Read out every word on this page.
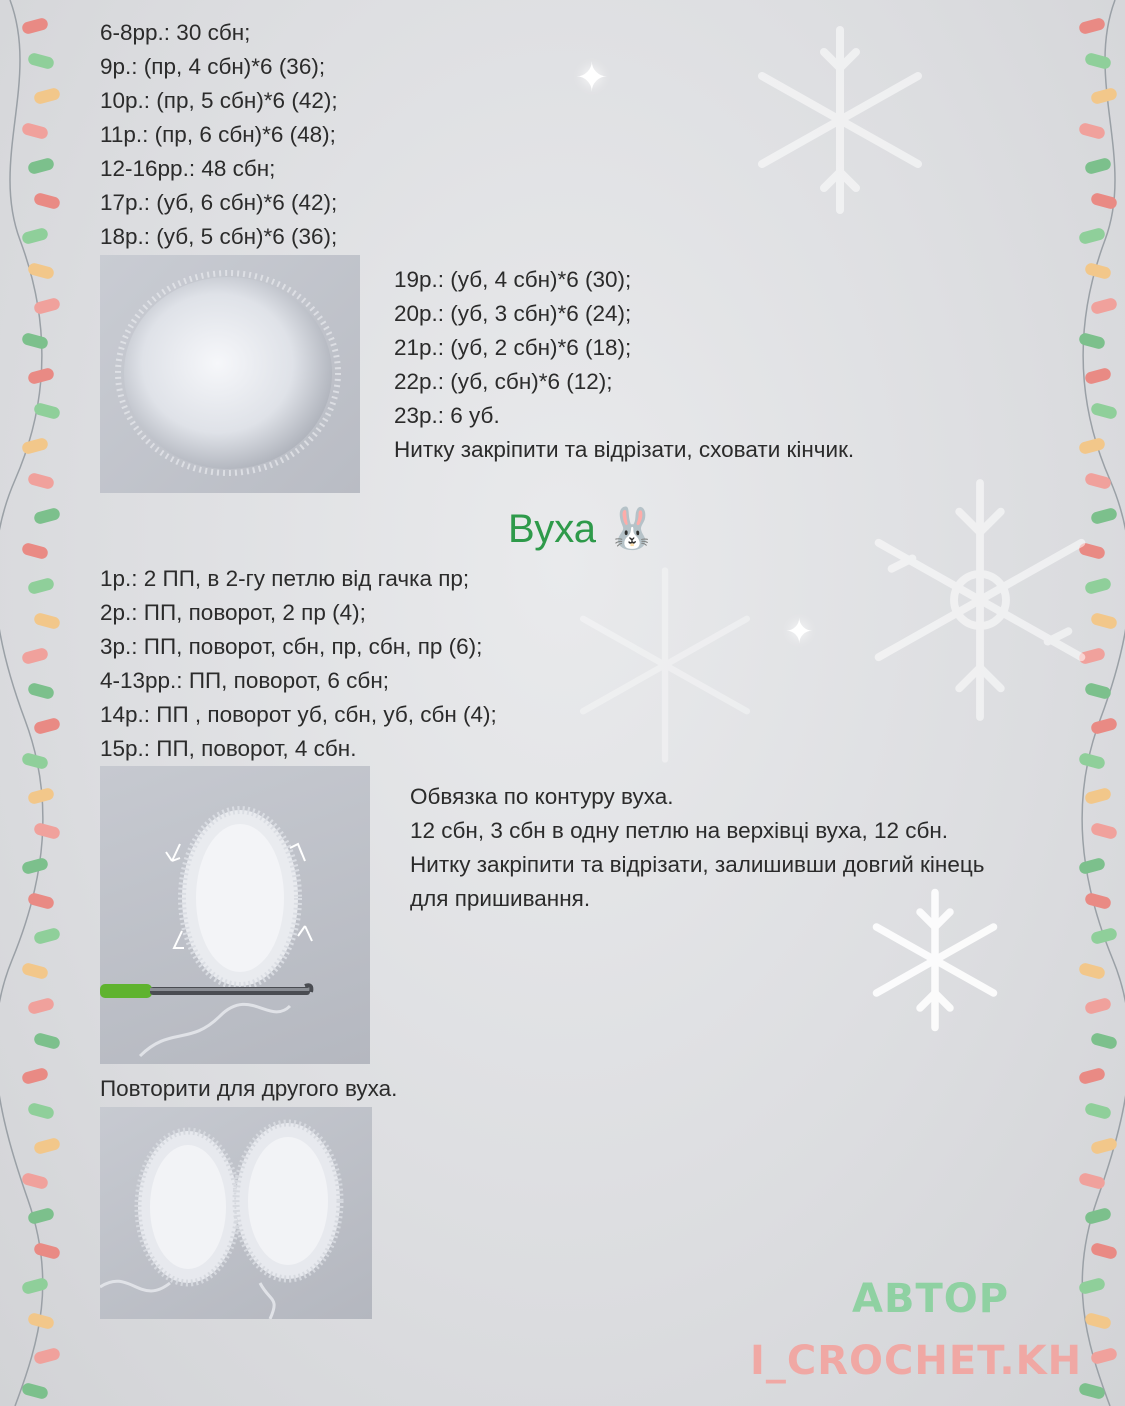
✦
✦
6-8рр.: 30 сбн;
9р.: (пр, 4 сбн)*6 (36);
10р.: (пр, 5 сбн)*6 (42);
11р.: (пр, 6 сбн)*6 (48);
12-16рр.: 48 сбн;
17р.: (уб, 6 сбн)*6 (42);
18р.: (уб, 5 сбн)*6 (36);
19р.: (уб, 4 сбн)*6 (30);
20р.: (уб, 3 сбн)*6 (24);
21р.: (уб, 2 сбн)*6 (18);
22р.: (уб, сбн)*6 (12);
23р.: 6 уб.
Нитку закріпити та відрізати, сховати кінчик.
Вуха 🐰
1р.: 2 ПП, в 2-гу петлю від гачка пр;
2р.: ПП, поворот, 2 пр (4);
3р.: ПП, поворот, сбн, пр, сбн, пр (6);
4-13рр.: ПП, поворот, 6 сбн;
14р.: ПП , поворот уб, сбн, уб, сбн (4);
15р.: ПП, поворот, 4 сбн.
Обвязка по контуру вуха.
12 сбн, 3 сбн в одну петлю на верхівці вуха, 12 сбн.
Нитку закріпити та відрізати, залишивши довгий кінець
для пришивання.
Повторити для другого вуха.
АВТОР
I_CROCHET.KH
